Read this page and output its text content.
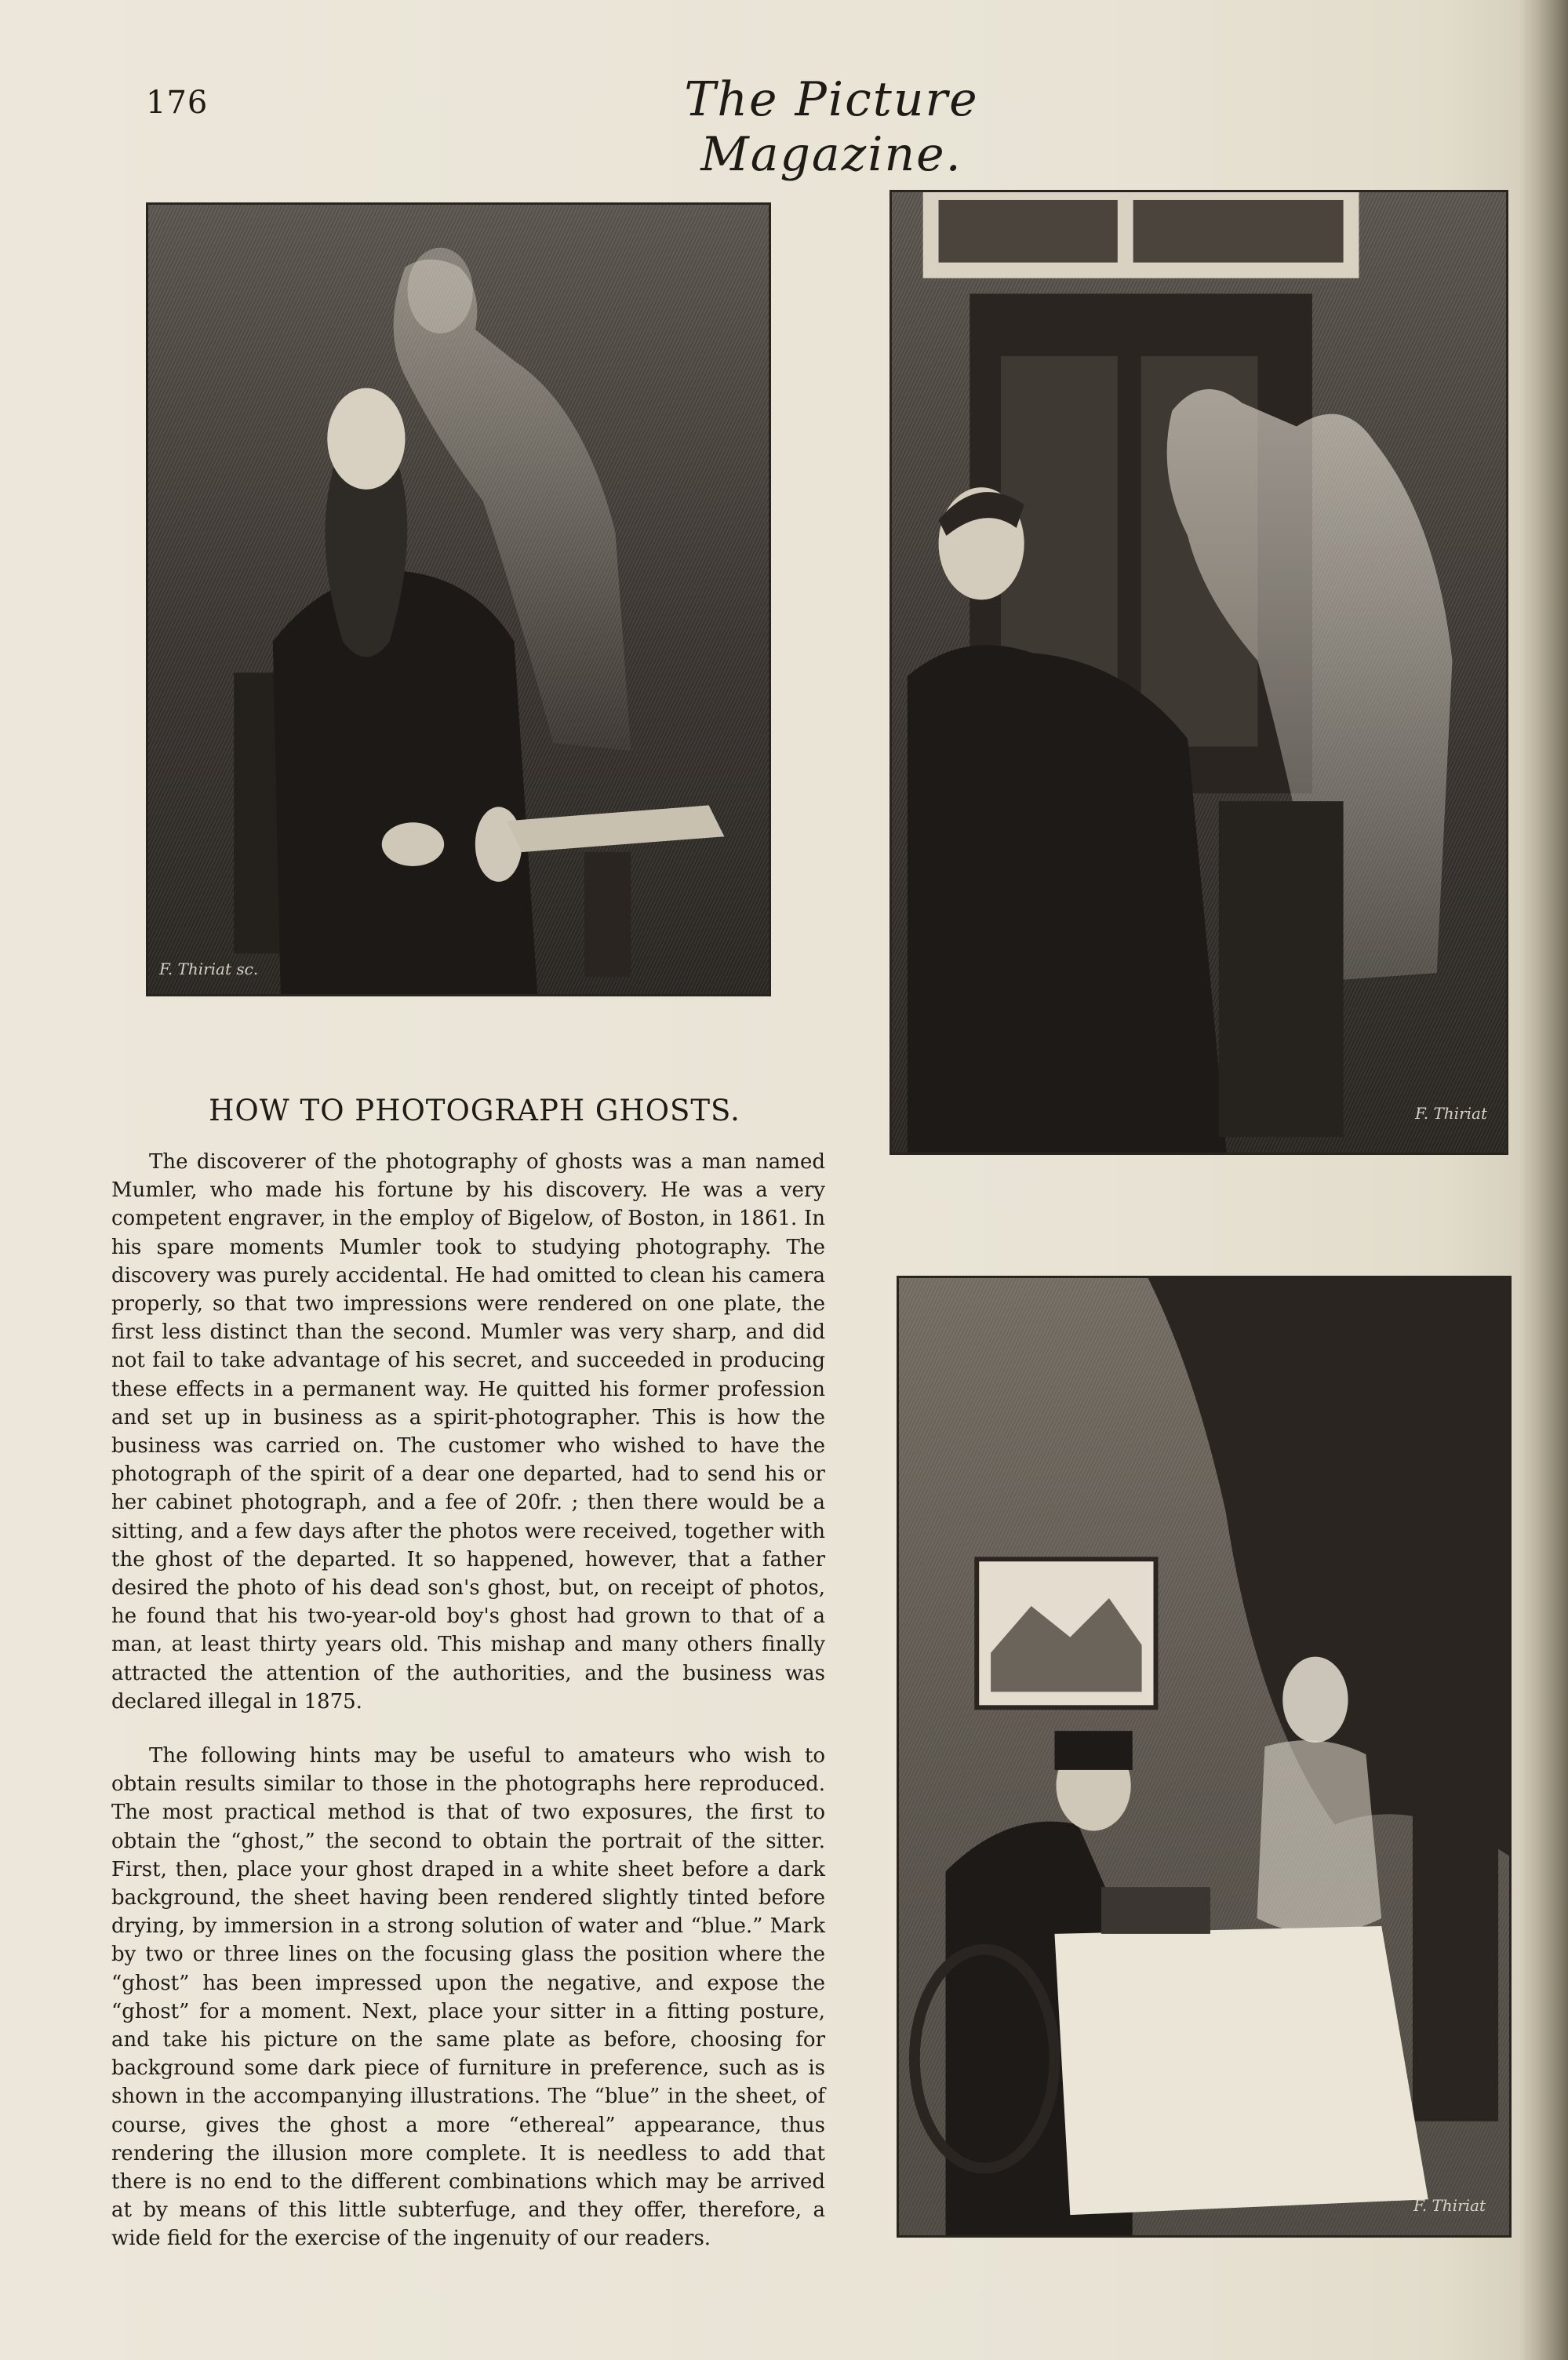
176	The Picture Magazine.
F. Thiriat sc.
F. Thiriat
F. Thiriat
HOW TO PHOTOGRAPH GHOSTS.

The discoverer of the photography of ghosts was a man named Mumler, who made his fortune by his discovery. He was a very competent engraver, in the employ of Bigelow, of Boston, in 1861. In his spare moments Mumler took to studying photography. The discovery was purely accidental. He had omitted to clean his camera properly, so that two impressions were rendered on one plate, the first less distinct than the second. Mumler was very sharp, and did not fail to take advantage of his secret, and succeeded in producing these effects in a permanent way. He quitted his former profession and set up in business as a spirit-photographer. This is how the business was carried on. The customer who wished to have the photograph of the spirit of a dear one departed, had to send his or her cabinet photograph, and a fee of 20fr. ; then there would be a sitting, and a few days after the photos were received, together with the ghost of the departed. It so happened, however, that a father desired the photo of his dead son's ghost, but, on receipt of photos, he found that his two-year-old boy's ghost had grown to that of a man, at least thirty years old. This mishap and many others finally attracted the attention of the authorities, and the business was declared illegal in 1875.

The following hints may be useful to amateurs who wish to obtain results similar to those in the photographs here reproduced. The most practical method is that of two exposures, the first to obtain the “ghost,” the second to obtain the portrait of the sitter. First, then, place your ghost draped in a white sheet before a dark background, the sheet having been rendered slightly tinted before drying, by immersion in a strong solution of water and “blue.” Mark by two or three lines on the focusing glass the position where the “ghost” has been impressed upon the negative, and expose the “ghost” for a moment. Next, place your sitter in a fitting posture, and take his picture on the same plate as before, choosing for background some dark piece of furniture in preference, such as is shown in the accompanying illustrations. The “blue” in the sheet, of course, gives the ghost a more “ethereal” appearance, thus rendering the illusion more complete. It is needless to add that there is no end to the different combinations which may be arrived at by means of this little subterfuge, and they offer, therefore, a wide field for the exercise of the ingenuity of our readers.
